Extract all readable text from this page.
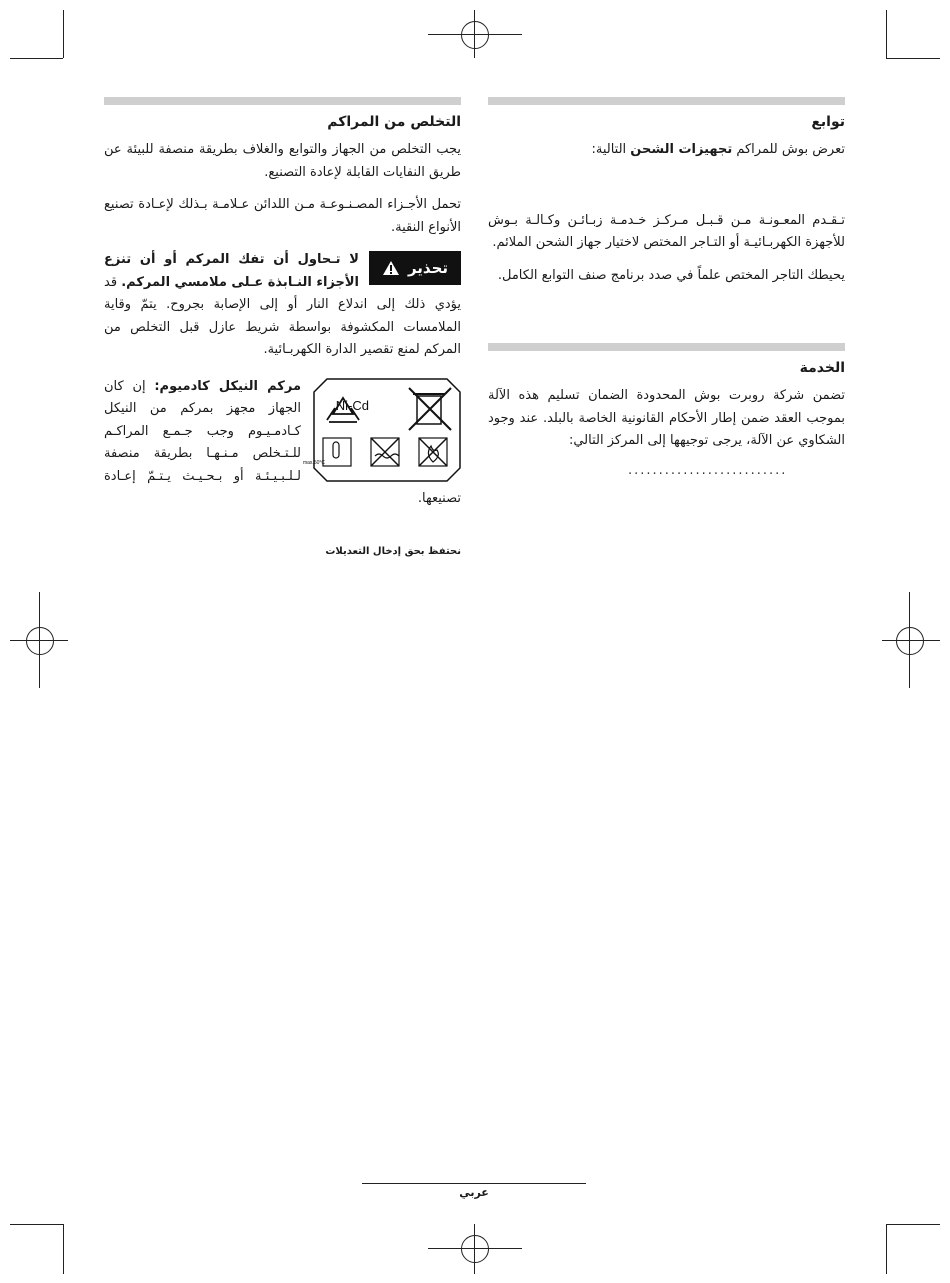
توابع

تعرض بوش للمراكم تجهيزات الشحن التالية:

تـقـدم المعـونـة مـن قـبـل مـركـز خـدمـة زبـائـن وكـالـة بـوش للأجهزة الكهربـائيـة أو التـاجر المختص لاختيار جهاز الشحن الملائم.

يحيطك التاجر المختص علماً في صدد برنامج صنف التوابع الكامل.

الخدمة

تضمن شركة روبرت بوش المحدودة الضمان تسليم هذه الآلة بموجب العقد ضمن إطار الأحكام القانونية الخاصة بالبلد. عند وجود الشكاوي عن الآلة، يرجى توجيهها إلى المركز التالي:

..........................
التخلص من المراكم

يجب التخلص من الجهاز والتوابع والغلاف بطريقة منصفة للبيئة عن طريق النفايات القابلة لإعادة التصنيع.

تحمل الأجـزاء المصـنـوعـة مـن اللدائن عـلامـة بـذلك لإعـادة تصنيع الأنواع النقية.

تحذير
لا تـحاول أن تفك المركم أو أن تنزع الأجزاء النـابذة عـلى ملامسي المركم. قد يؤدي ذلك إلى اندلاع النار أو إلى الإصابة بجروح. يتمّ وقاية الملامسات المكشوفة بواسطة شريط عازل قبل التخلص من المركم لمنع تقصير الدارة الكهربـائية.
Ni-Cd
max.50°C
مركم النيكل كادميوم: إن كان الجهاز مجهز بمركم من النيكل كـادمـيـوم وجب جـمـع المراكـم للـتـخلص مـنـهـا بطريقة منصفة لـلـبـيـئـة أو بـحـيـث يـتـمّ إعـادة تصنيعها.
نحتفظ بحق إدخال التعديلات
عربي
